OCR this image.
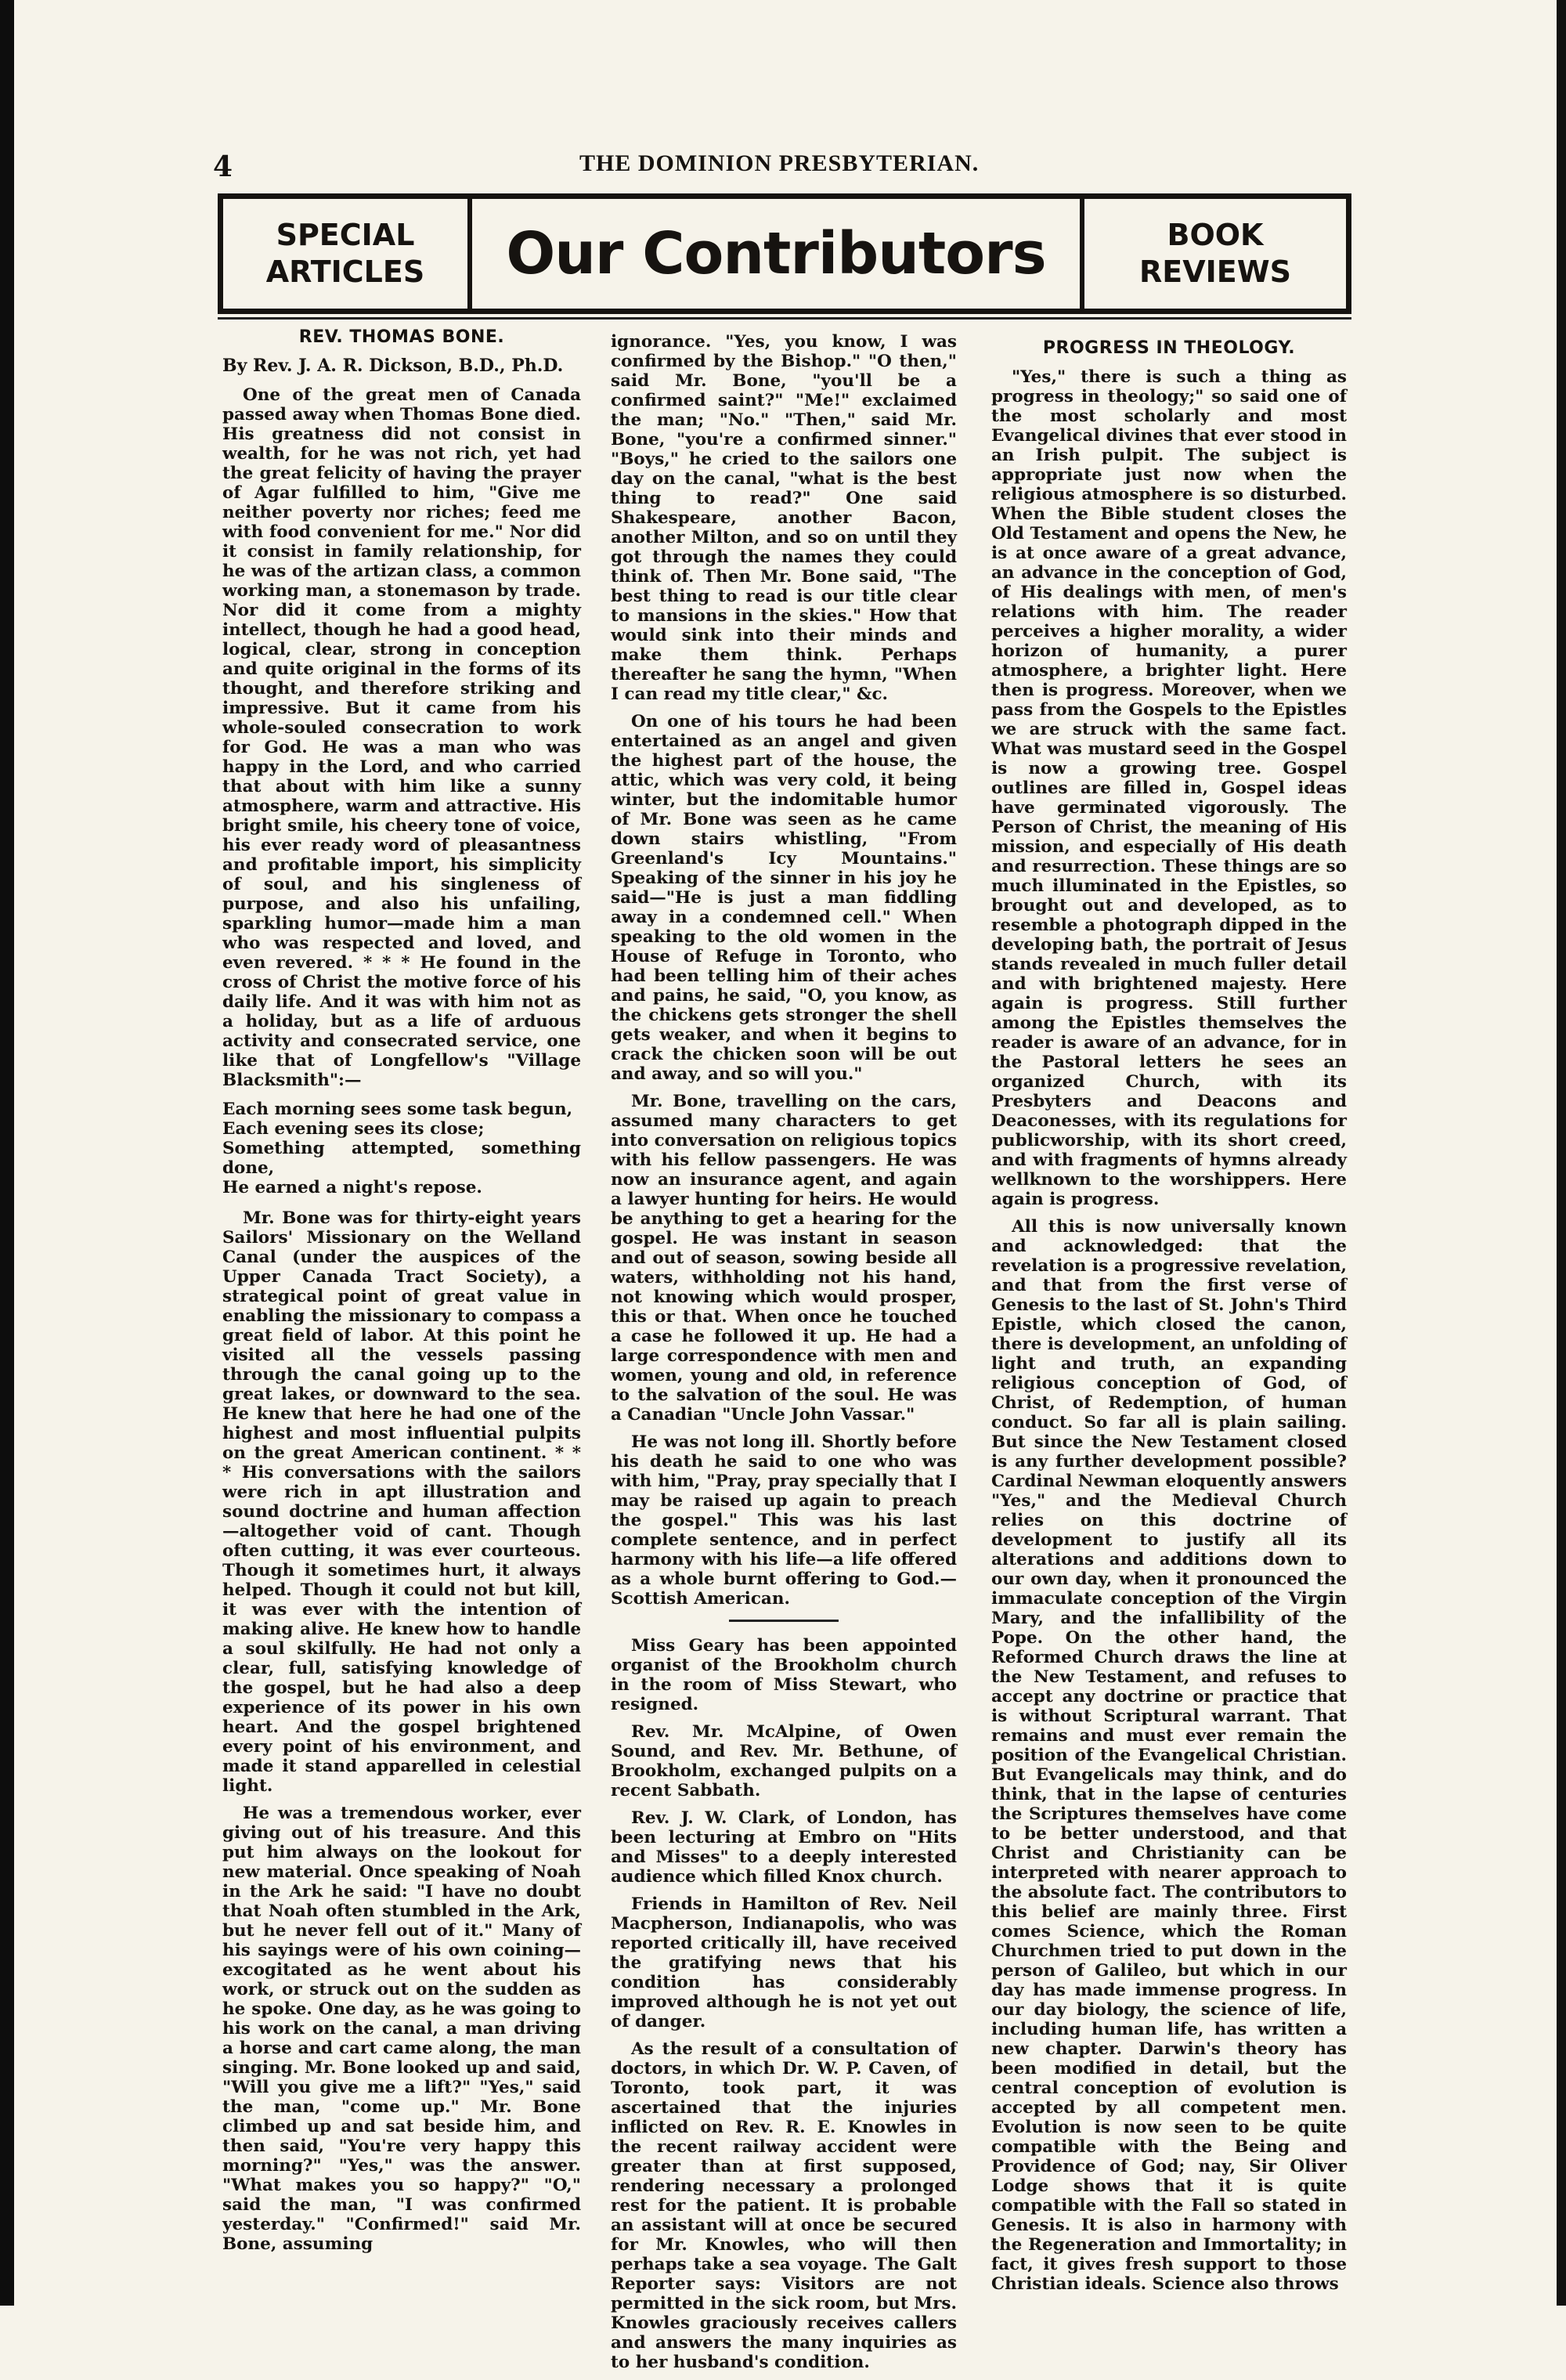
4	THE DOMINION PRESBYTERIAN.
SPECIAL
ARTICLES	Our Contributors	BOOK
REVIEWS
REV. THOMAS BONE.
By Rev. J. A. R. Dickson, B.D., Ph.D.

One of the great men of Canada passed away when Thomas Bone died. His greatness did not consist in wealth, for he was not rich, yet had the great felicity of having the prayer of Agar fulfilled to him, "Give me neither poverty nor riches; feed me with food convenient for me." Nor did it consist in family relationship, for he was of the artizan class, a common working man, a stonemason by trade. Nor did it come from a mighty intellect, though he had a good head, logical, clear, strong in conception and quite original in the forms of its thought, and therefore striking and impressive. But it came from his whole-souled consecration to work for God. He was a man who was happy in the Lord, and who carried that about with him like a sunny atmosphere, warm and attractive. His bright smile, his cheery tone of voice, his ever ready word of pleasantness and profitable import, his simplicity of soul, and his singleness of purpose, and also his unfailing, sparkling humor—made him a man who was respected and loved, and even revered. * * * He found in the cross of Christ the motive force of his daily life. And it was with him not as a holiday, but as a life of arduous activity and consecrated service, one like that of Longfellow's "Village Blacksmith":—

Each morning sees some task begun,
Each evening sees its close;
Something attempted, something done,
He earned a night's repose.

Mr. Bone was for thirty-eight years Sailors' Missionary on the Welland Canal (under the auspices of the Upper Canada Tract Society), a strategical point of great value in enabling the missionary to compass a great field of labor. At this point he visited all the vessels passing through the canal going up to the great lakes, or downward to the sea. He knew that here he had one of the highest and most influential pulpits on the great American continent. * * * His conversations with the sailors were rich in apt illustration and sound doctrine and human affection—altogether void of cant. Though often cutting, it was ever courteous. Though it sometimes hurt, it always helped. Though it could not but kill, it was ever with the intention of making alive. He knew how to handle a soul skilfully. He had not only a clear, full, satisfying knowledge of the gospel, but he had also a deep experience of its power in his own heart. And the gospel brightened every point of his environment, and made it stand apparelled in celestial light.

He was a tremendous worker, ever giving out of his treasure. And this put him always on the lookout for new material. Once speaking of Noah in the Ark he said: "I have no doubt that Noah often stumbled in the Ark, but he never fell out of it." Many of his sayings were of his own coining—excogitated as he went about his work, or struck out on the sudden as he spoke. One day, as he was going to his work on the canal, a man driving a horse and cart came along, the man singing. Mr. Bone looked up and said, "Will you give me a lift?" "Yes," said the man, "come up." Mr. Bone climbed up and sat beside him, and then said, "You're very happy this morning?" "Yes," was the answer. "What makes you so happy?" "O," said the man, "I was confirmed yesterday." "Confirmed!" said Mr. Bone, assuming

ignorance. "Yes, you know, I was confirmed by the Bishop." "O then," said Mr. Bone, "you'll be a confirmed saint?" "Me!" exclaimed the man; "No." "Then," said Mr. Bone, "you're a confirmed sinner." "Boys," he cried to the sailors one day on the canal, "what is the best thing to read?" One said Shakespeare, another Bacon, another Milton, and so on until they got through the names they could think of. Then Mr. Bone said, "The best thing to read is our title clear to mansions in the skies." How that would sink into their minds and make them think. Perhaps thereafter he sang the hymn, "When I can read my title clear," &c.

On one of his tours he had been entertained as an angel and given the highest part of the house, the attic, which was very cold, it being winter, but the indomitable humor of Mr. Bone was seen as he came down stairs whistling, "From Greenland's Icy Mountains." Speaking of the sinner in his joy he said—"He is just a man fiddling away in a condemned cell." When speaking to the old women in the House of Refuge in Toronto, who had been telling him of their aches and pains, he said, "O, you know, as the chickens gets stronger the shell gets weaker, and when it begins to crack the chicken soon will be out and away, and so will you."

Mr. Bone, travelling on the cars, assumed many characters to get into conversation on religious topics with his fellow passengers. He was now an insurance agent, and again a lawyer hunting for heirs. He would be anything to get a hearing for the gospel. He was instant in season and out of season, sowing beside all waters, withholding not his hand, not knowing which would prosper, this or that. When once he touched a case he followed it up. He had a large correspondence with men and women, young and old, in reference to the salvation of the soul. He was a Canadian "Uncle John Vassar."

He was not long ill. Shortly before his death he said to one who was with him, "Pray, pray specially that I may be raised up again to preach the gospel." This was his last complete sentence, and in perfect harmony with his life—a life offered as a whole burnt offering to God.—Scottish American.

Miss Geary has been appointed organist of the Brookholm church in the room of Miss Stewart, who resigned.

Rev. Mr. McAlpine, of Owen Sound, and Rev. Mr. Bethune, of Brookholm, exchanged pulpits on a recent Sabbath.

Rev. J. W. Clark, of London, has been lecturing at Embro on "Hits and Misses" to a deeply interested audience which filled Knox church.

Friends in Hamilton of Rev. Neil Macpherson, Indianapolis, who was reported critically ill, have received the gratifying news that his condition has considerably improved although he is not yet out of danger.

As the result of a consultation of doctors, in which Dr. W. P. Caven, of Toronto, took part, it was ascertained that the injuries inflicted on Rev. R. E. Knowles in the recent railway accident were greater than at first supposed, rendering necessary a prolonged rest for the patient. It is probable an assistant will at once be secured for Mr. Knowles, who will then perhaps take a sea voyage. The Galt Reporter says: Visitors are not permitted in the sick room, but Mrs. Knowles graciously receives callers and answers the many inquiries as to her husband's condition.

PROGRESS IN THEOLOGY.

"Yes," there is such a thing as progress in theology;" so said one of the most scholarly and most Evangelical divines that ever stood in an Irish pulpit. The subject is appropriate just now when the religious atmosphere is so disturbed. When the Bible student closes the Old Testament and opens the New, he is at once aware of a great advance, an advance in the conception of God, of His dealings with men, of men's relations with him. The reader perceives a higher morality, a wider horizon of humanity, a purer atmosphere, a brighter light. Here then is progress. Moreover, when we pass from the Gospels to the Epistles we are struck with the same fact. What was mustard seed in the Gospel is now a growing tree. Gospel outlines are filled in, Gospel ideas have germinated vigorously. The Person of Christ, the meaning of His mission, and especially of His death and resurrection. These things are so much illuminated in the Epistles, so brought out and developed, as to resemble a photograph dipped in the developing bath, the portrait of Jesus stands revealed in much fuller detail and with brightened majesty. Here again is progress. Still further among the Epistles themselves the reader is aware of an advance, for in the Pastoral letters he sees an organized Church, with its Presbyters and Deacons and Deaconesses, with its regulations for publicworship, with its short creed, and with fragments of hymns already wellknown to the worshippers. Here again is progress.

All this is now universally known and acknowledged: that the revelation is a progressive revelation, and that from the first verse of Genesis to the last of St. John's Third Epistle, which closed the canon, there is development, an unfolding of light and truth, an expanding religious conception of God, of Christ, of Redemption, of human conduct. So far all is plain sailing. But since the New Testament closed is any further development possible? Cardinal Newman eloquently answers "Yes," and the Medieval Church relies on this doctrine of development to justify all its alterations and additions down to our own day, when it pronounced the immaculate conception of the Virgin Mary, and the infallibility of the Pope. On the other hand, the Reformed Church draws the line at the New Testament, and refuses to accept any doctrine or practice that is without Scriptural warrant. That remains and must ever remain the position of the Evangelical Christian. But Evangelicals may think, and do think, that in the lapse of centuries the Scriptures themselves have come to be better understood, and that Christ and Christianity can be interpreted with nearer approach to the absolute fact. The contributors to this belief are mainly three. First comes Science, which the Roman Churchmen tried to put down in the person of Galileo, but which in our day has made immense progress. In our day biology, the science of life, including human life, has written a new chapter. Darwin's theory has been modified in detail, but the central conception of evolution is accepted by all competent men. Evolution is now seen to be quite compatible with the Being and Providence of God; nay, Sir Oliver Lodge shows that it is quite compatible with the Fall so stated in Genesis. It is also in harmony with the Regeneration and Immortality; in fact, it gives fresh support to those Christian ideals. Science also throws
